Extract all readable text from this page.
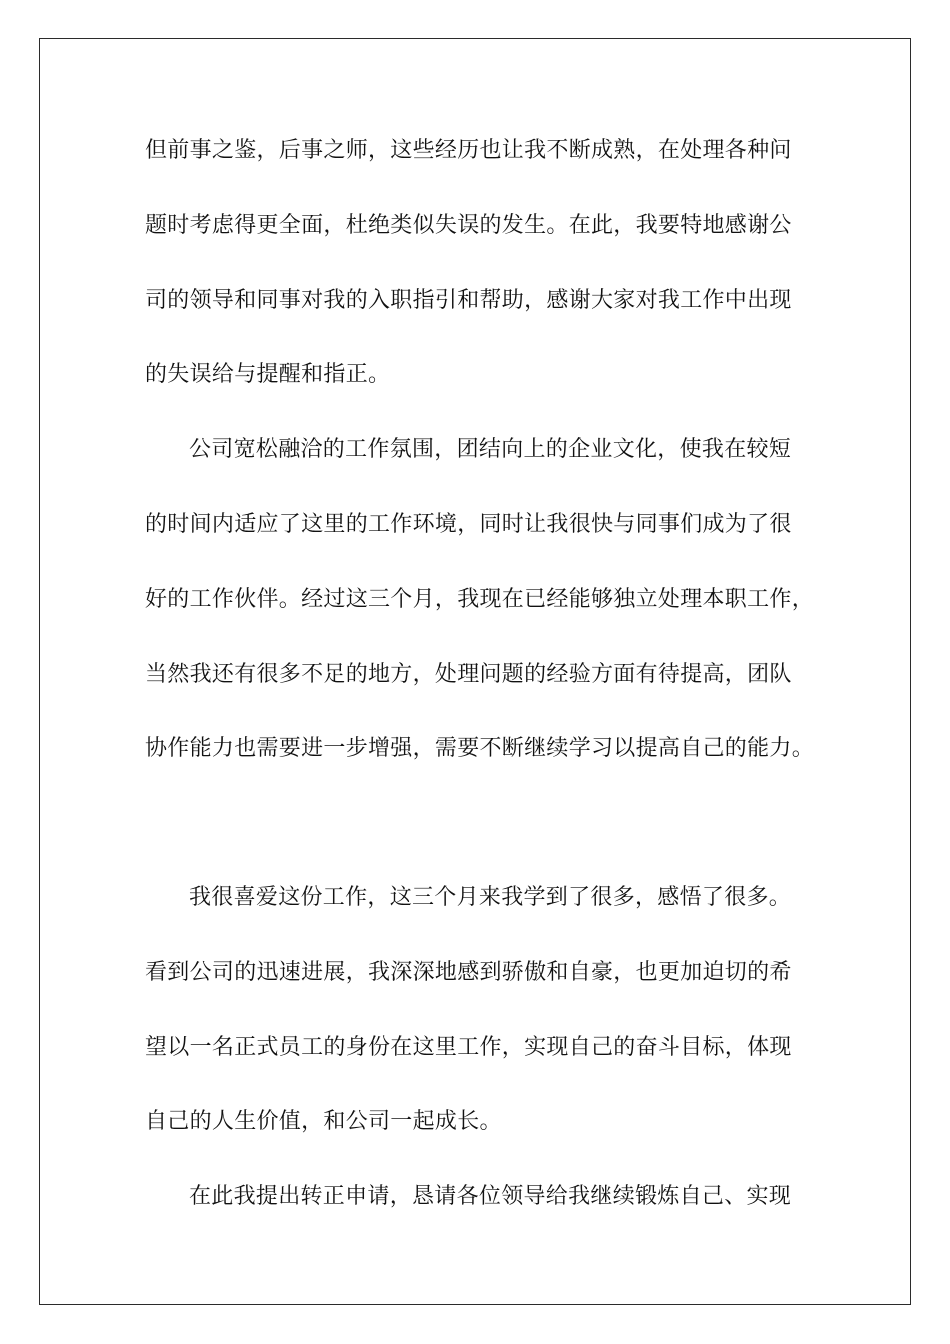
但前事之鉴，后事之师，这些经历也让我不断成熟，在处理各种问
题时考虑得更全面，杜绝类似失误的发生。在此，我要特地感谢公
司的领导和同事对我的入职指引和帮助，感谢大家对我工作中出现
的失误给与提醒和指正。
公司宽松融洽的工作氛围，团结向上的企业文化，使我在较短
的时间内适应了这里的工作环境，同时让我很快与同事们成为了很
好的工作伙伴。经过这三个月，我现在已经能够独立处理本职工作，
当然我还有很多不足的地方，处理问题的经验方面有待提高，团队
协作能力也需要进一步增强，需要不断继续学习以提高自己的能力。
我很喜爱这份工作，这三个月来我学到了很多，感悟了很多。
看到公司的迅速进展，我深深地感到骄傲和自豪，也更加迫切的希
望以一名正式员工的身份在这里工作，实现自己的奋斗目标，体现
自己的人生价值，和公司一起成长。
在此我提出转正申请，恳请各位领导给我继续锻炼自己、实现
